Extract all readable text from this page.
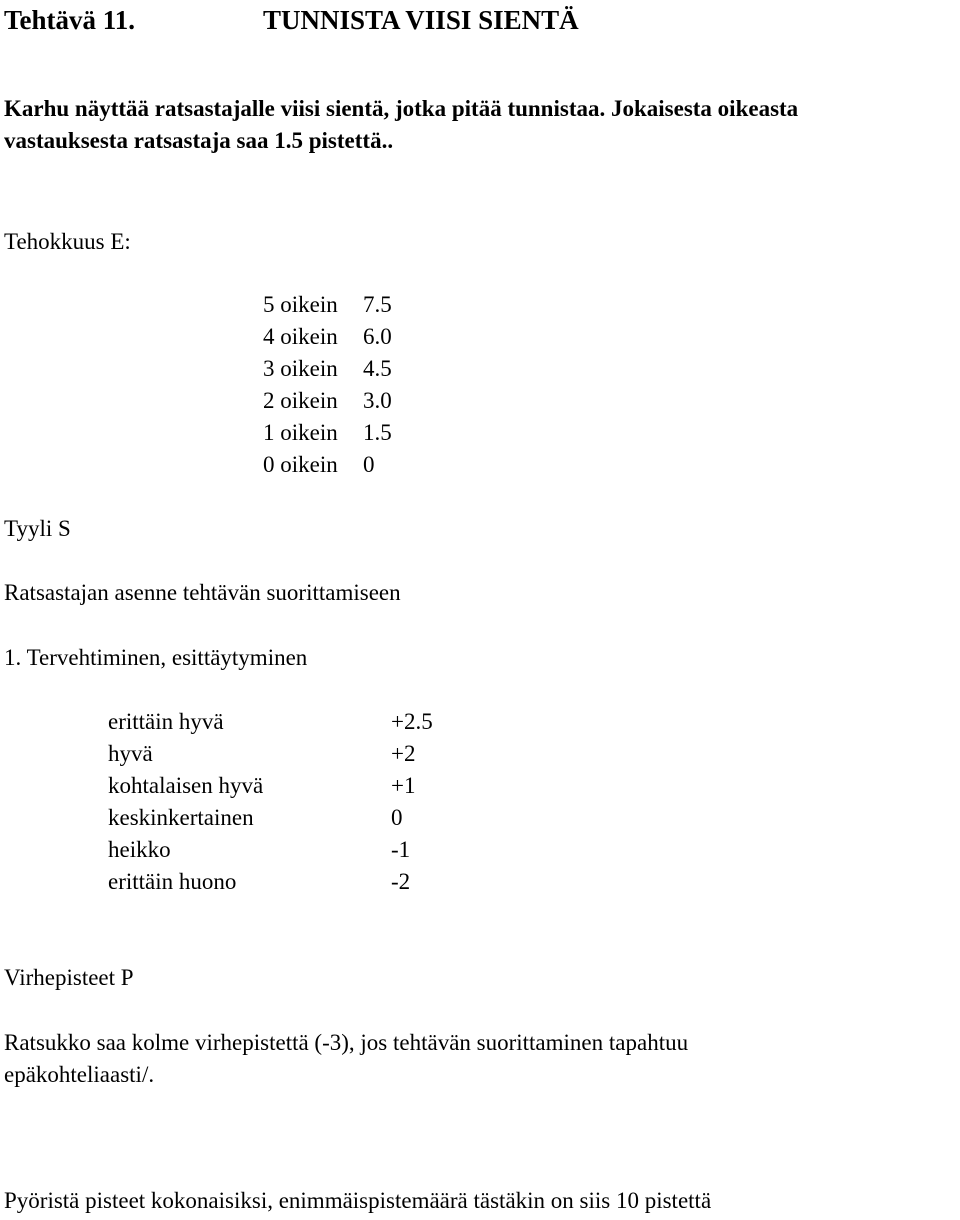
Tehtävä 11.	TUNNISTA VIISI SIENTÄ
Karhu näyttää ratsastajalle viisi sientä, jotka pitää tunnistaa. Jokaisesta oikeasta
vastauksesta ratsastaja saa 1.5 pistettä..
Tehokkuus E:
5 oikein 7.5
4 oikein 6.0
3 oikein 4.5
2 oikein 3.0
1 oikein 1.5
0 oikein 0
Tyyli S
Ratsastajan asenne tehtävän suorittamiseen
1. Tervehtiminen, esittäytyminen
erittäin hyvä	+2.5
hyvä	+2
kohtalaisen hyvä	+1
keskinkertainen	0
heikko	-1
erittäin huono	-2
Virhepisteet P
Ratsukko saa kolme virhepistettä (-3), jos tehtävän suorittaminen tapahtuu
epäkohteliaasti/.
Pyöristä pisteet kokonaisiksi, enimmäispistemäärä tästäkin on siis 10 pistettä
